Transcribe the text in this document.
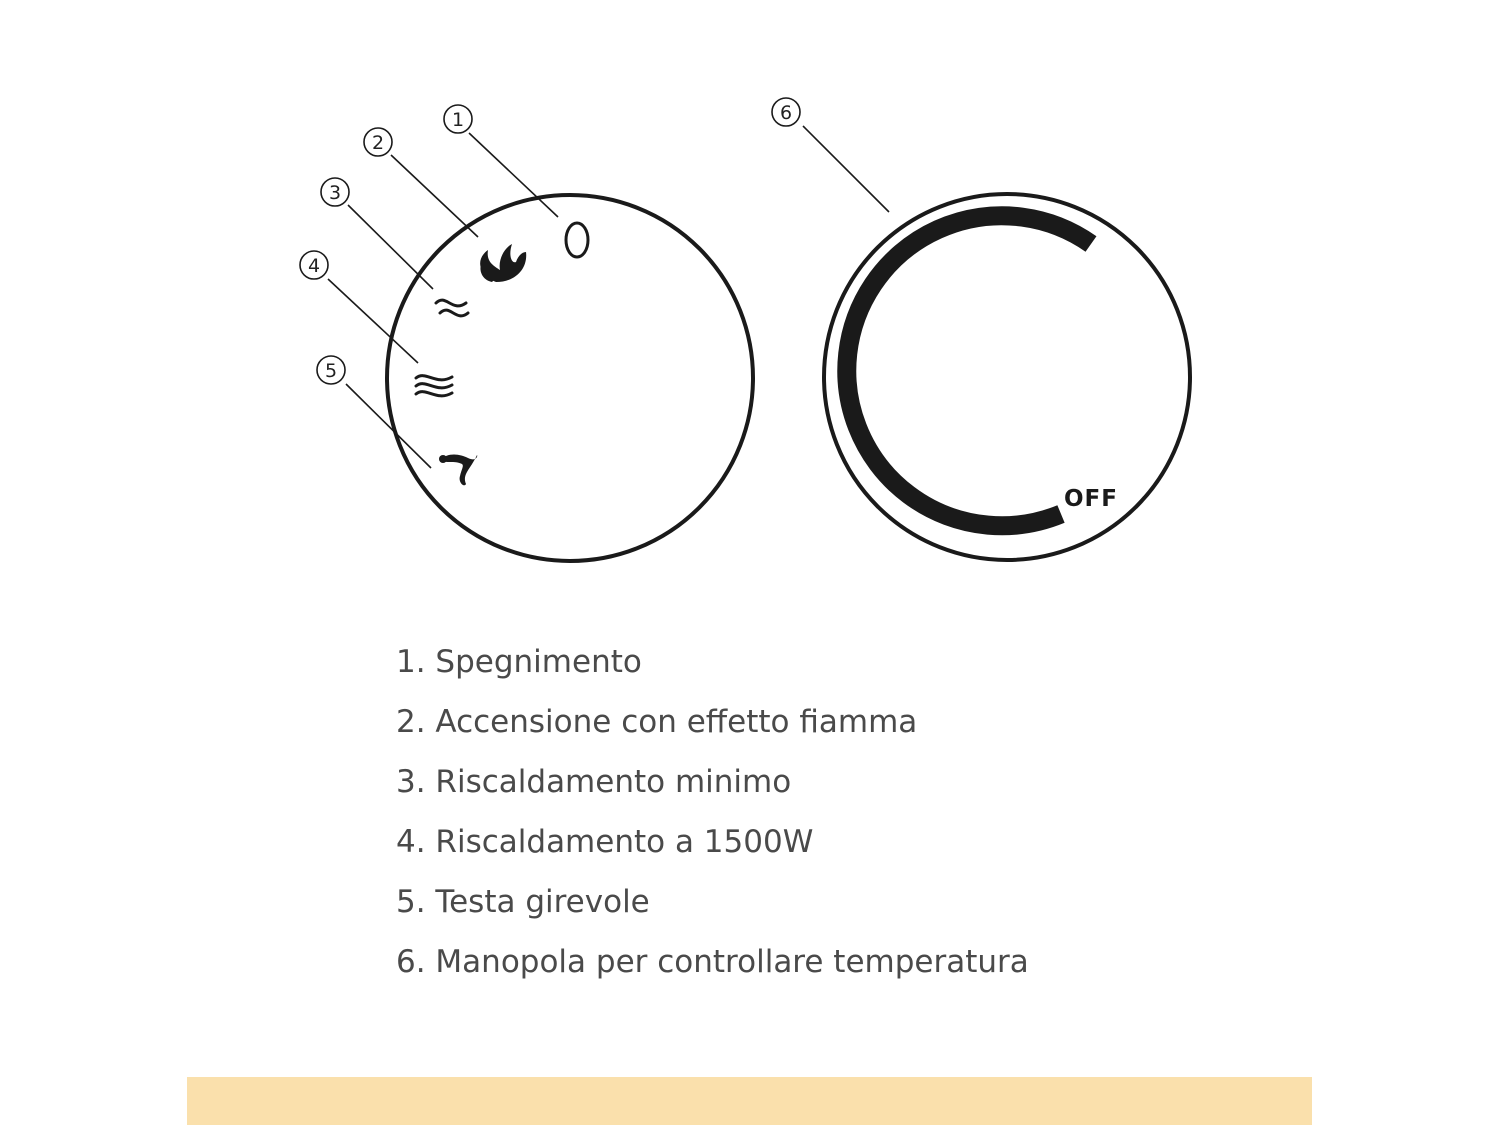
1
2
3
4
5
OFF
6
1. Spegnimento
2. Accensione con effetto fiamma
3. Riscaldamento minimo
4. Riscaldamento a 1500W
5. Testa girevole
6. Manopola per controllare temperatura
